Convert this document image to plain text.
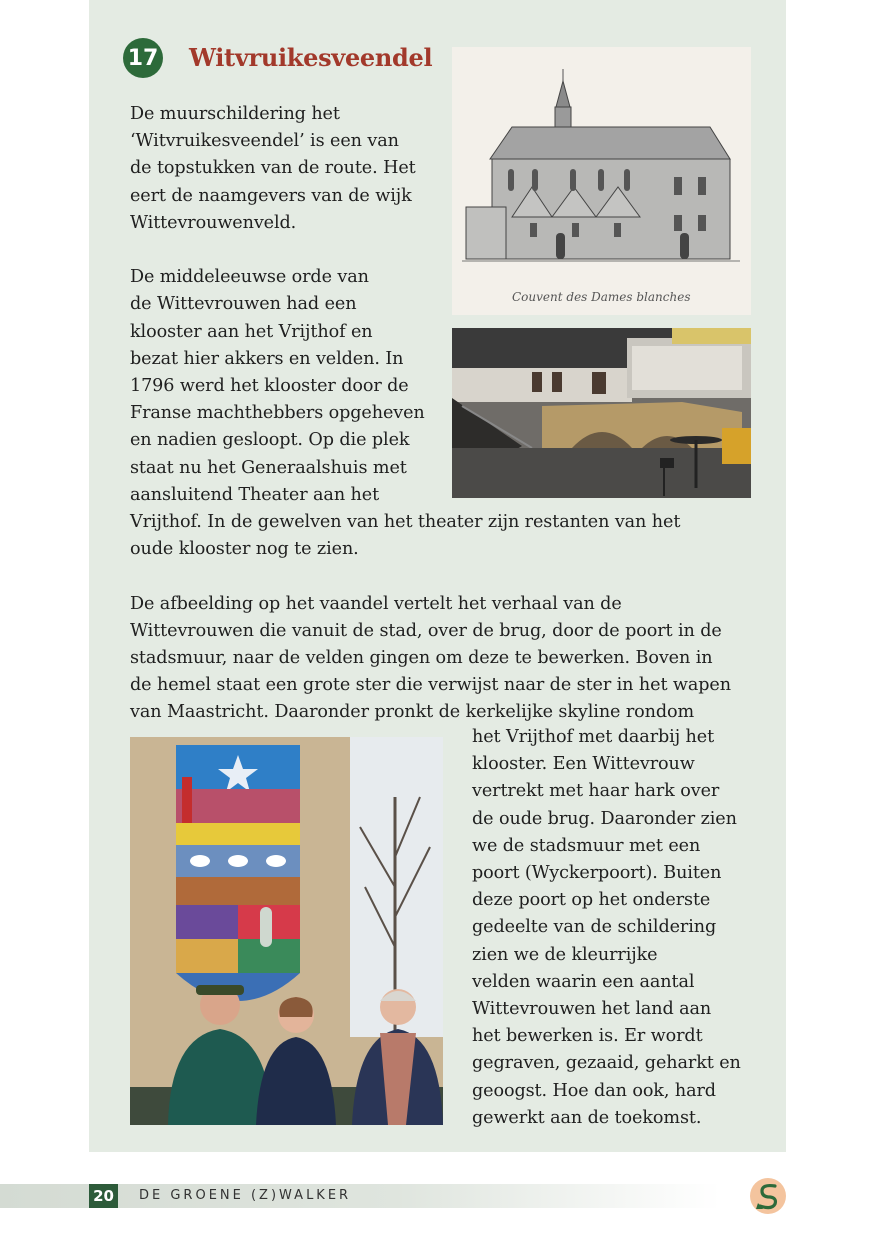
17 Witvruikesveendel
De muurschildering het
‘Witvruikesveendel’ is een van
de topstukken van de route. Het
eert de naamgevers van de wijk
Wittevrouwenveld.
De middeleeuwse orde van
de Wittevrouwen had een
klooster aan het Vrijthof en
bezat hier akkers en velden. In
1796 werd het klooster door de
Franse machthebbers opgeheven
en nadien gesloopt. Op die plek
staat nu het Generaalshuis met
aansluitend Theater aan het
Vrijthof. In de gewelven van het theater zijn restanten van het
oude klooster nog te zien.
De afbeelding op het vaandel vertelt het verhaal van de
Wittevrouwen die vanuit de stad, over de brug, door de poort in de
stadsmuur, naar de velden gingen om deze te bewerken. Boven in
de hemel staat een grote ster die verwijst naar de ster in het wapen
van Maastricht. Daaronder pronkt de kerkelijke skyline rondom
het Vrijthof met daarbij het
klooster. Een Wittevrouw
vertrekt met haar hark over
de oude brug. Daaronder zien
we de stadsmuur met een
poort (Wyckerpoort). Buiten
deze poort op het onderste
gedeelte van de schildering
zien we de kleurrijke
velden waarin een aantal
Wittevrouwen het land aan
het bewerken is. Er wordt
gegraven, gezaaid, geharkt en
geoogst. Hoe dan ook, hard
gewerkt aan de toekomst.
Couvent des Dames blanches
20	DE GROENE (Z)WALKER
